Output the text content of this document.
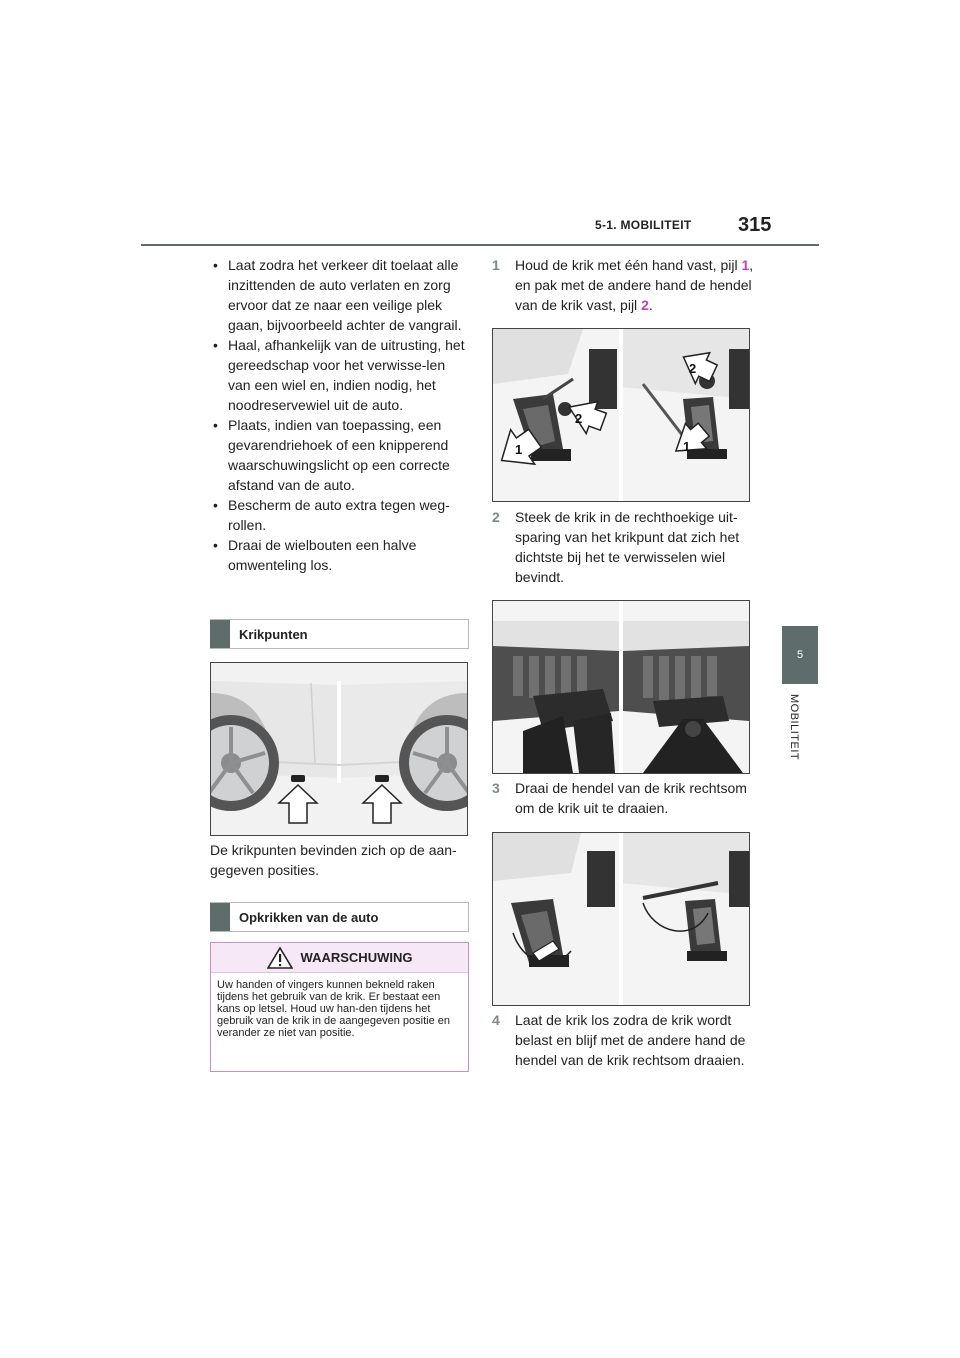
5-1. MOBILITEIT 315
5
MOBILITEIT
• Laat zodra het verkeer dit toelaat alle inzittenden de auto verlaten en zorg ervoor dat ze naar een veilige plek gaan, bijvoorbeeld achter de vangrail.
• Haal, afhankelijk van de uitrusting, het gereedschap voor het verwisse-len van een wiel en, indien nodig, het noodreservewiel uit de auto.
• Plaats, indien van toepassing, een gevarendriehoek of een knipperend waarschuwingslicht op een correcte afstand van de auto.
• Bescherm de auto extra tegen weg-rollen.
• Draai de wielbouten een halve omwenteling los.
Krikpunten
De krikpunten bevinden zich op de aan-gegeven posities.
Opkrikken van de auto
WAARSCHUWING
Uw handen of vingers kunnen bekneld raken tijdens het gebruik van de krik. Er bestaat een kans op letsel. Houd uw han-den tijdens het gebruik van de krik in de aangegeven positie en verander ze niet van positie.
1 Houd de krik met één hand vast, pijl 1, en pak met de andere hand de hendel van de krik vast, pijl 2.
1
2
1
2
2 Steek de krik in de rechthoekige uit-sparing van het krikpunt dat zich het dichtste bij het te verwisselen wiel bevindt.
3 Draai de hendel van de krik rechtsom om de krik uit te draaien.
4 Laat de krik los zodra de krik wordt belast en blijf met de andere hand de hendel van de krik rechtsom draaien.
